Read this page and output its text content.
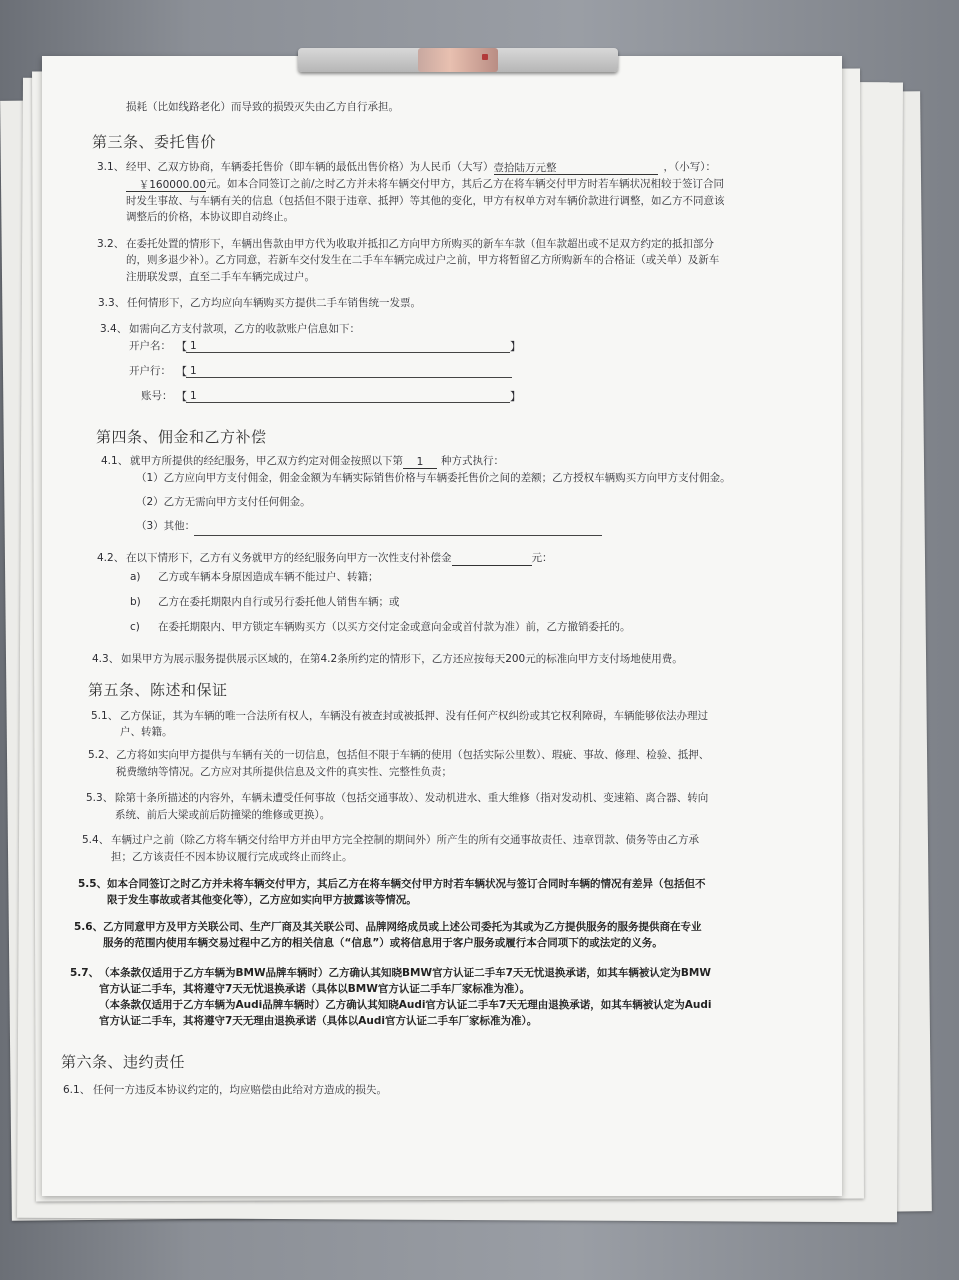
损耗（比如线路老化）而导致的损毁灭失由乙方自行承担。
第三条、委托售价
3.1、 经甲、乙双方协商，车辆委托售价（即车辆的最低出售价格）为人民币（大写）壹拾陆万元整	，（小写）：
￥160000.00元。如本合同签订之前/之时乙方并未将车辆交付甲方，其后乙方在将车辆交付甲方时若车辆状况相较于签订合同
时发生事故、与车辆有关的信息（包括但不限于违章、抵押）等其他的变化，甲方有权单方对车辆价款进行调整，如乙方不同意该
调整后的价格，本协议即自动终止。
3.2、 在委托处置的情形下，车辆出售款由甲方代为收取并抵扣乙方向甲方所购买的新车车款（但车款超出或不足双方约定的抵扣部分
的，则多退少补）。乙方同意，若新车交付发生在二手车车辆完成过户之前，甲方将暂留乙方所购新车的合格证（或关单）及新车
注册联发票，直至二手车车辆完成过户。
3.3、 任何情形下，乙方均应向车辆购买方提供二手车销售统一发票。
3.4、 如需向乙方支付款项，乙方的收款账户信息如下：
开户名： 【 1	】
开户行： 【 1
账号： 【 1	】
第四条、佣金和乙方补偿
4.1、 就甲方所提供的经纪服务，甲乙双方约定对佣金按照以下第 1 种方式执行：
（1）乙方应向甲方支付佣金，佣金金额为车辆实际销售价格与车辆委托售价之间的差额；乙方授权车辆购买方向甲方支付佣金。
（2）乙方无需向甲方支付任何佣金。
（3）其他：
4.2、 在以下情形下，乙方有义务就甲方的经纪服务向甲方一次性支付补偿金	元：
a) 乙方或车辆本身原因造成车辆不能过户、转籍；
b) 乙方在委托期限内自行或另行委托他人销售车辆；或
c) 在委托期限内、甲方锁定车辆购买方（以买方交付定金或意向金或首付款为准）前，乙方撤销委托的。
4.3、 如果甲方为展示服务提供展示区域的，在第4.2条所约定的情形下，乙方还应按每天200元的标准向甲方支付场地使用费。
第五条、陈述和保证
5.1、 乙方保证，其为车辆的唯一合法所有权人，车辆没有被查封或被抵押、没有任何产权纠纷或其它权利障碍，车辆能够依法办理过
户、转籍。
5.2、 乙方将如实向甲方提供与车辆有关的一切信息，包括但不限于车辆的使用（包括实际公里数）、瑕疵、事故、修理、检验、抵押、
税费缴纳等情况。乙方应对其所提供信息及文件的真实性、完整性负责；
5.3、 除第十条所描述的内容外，车辆未遭受任何事故（包括交通事故）、发动机进水、重大维修（指对发动机、变速箱、离合器、转向
系统、前后大梁或前后防撞梁的维修或更换）。
5.4、 车辆过户之前（除乙方将车辆交付给甲方并由甲方完全控制的期间外）所产生的所有交通事故责任、违章罚款、债务等由乙方承
担；乙方该责任不因本协议履行完成或终止而终止。
5.5、 如本合同签订之时乙方并未将车辆交付甲方，其后乙方在将车辆交付甲方时若车辆状况与签订合同时车辆的情况有差异（包括但不
限于发生事故或者其他变化等），乙方应如实向甲方披露该等情况。
5.6、 乙方同意甲方及甲方关联公司、生产厂商及其关联公司、品牌网络成员或上述公司委托为其或为乙方提供服务的服务提供商在专业
服务的范围内使用车辆交易过程中乙方的相关信息（“信息”）或将信息用于客户服务或履行本合同项下的或法定的义务。
5.7、 （本条款仅适用于乙方车辆为BMW品牌车辆时）乙方确认其知晓BMW官方认证二手车7天无忧退换承诺，如其车辆被认定为BMW
官方认证二手车，其将遵守7天无忧退换承诺（具体以BMW官方认证二手车厂家标准为准）。
（本条款仅适用于乙方车辆为Audi品牌车辆时）乙方确认其知晓Audi官方认证二手车7天无理由退换承诺，如其车辆被认定为Audi
官方认证二手车，其将遵守7天无理由退换承诺（具体以Audi官方认证二手车厂家标准为准）。
第六条、违约责任
6.1、 任何一方违反本协议约定的，均应赔偿由此给对方造成的损失。
